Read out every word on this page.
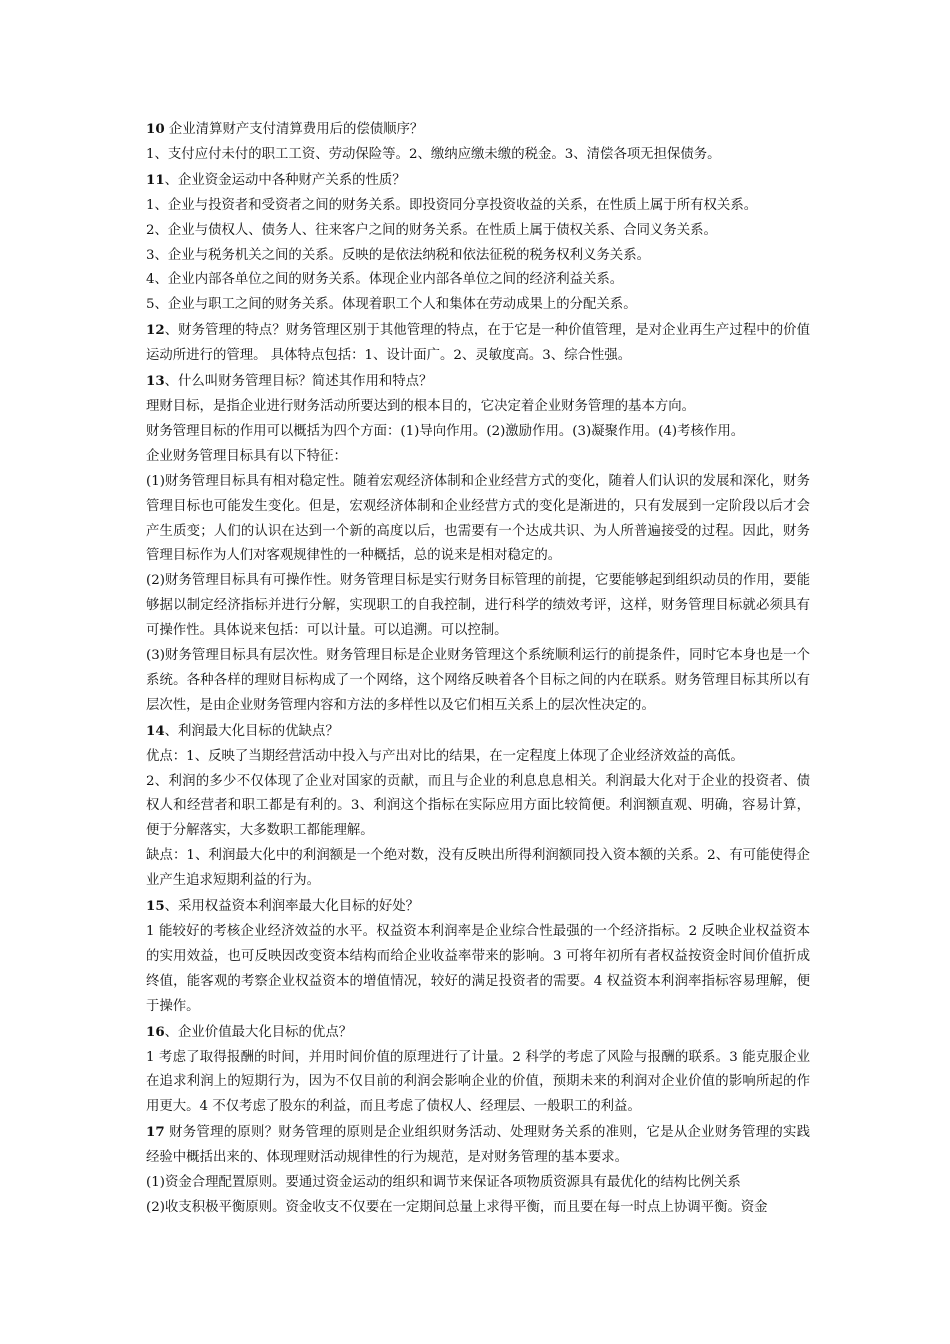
10 企业清算财产支付清算费用后的偿债顺序？

1、支付应付未付的职工工资、劳动保险等。2、缴纳应缴未缴的税金。3、清偿各项无担保债务。

11、企业资金运动中各种财产关系的性质？

1、企业与投资者和受资者之间的财务关系。即投资同分享投资收益的关系，在性质上属于所有权关系。

2、企业与债权人、债务人、往来客户之间的财务关系。在性质上属于债权关系、合同义务关系。

3、企业与税务机关之间的关系。反映的是依法纳税和依法征税的税务权利义务关系。

4、企业内部各单位之间的财务关系。体现企业内部各单位之间的经济利益关系。

5、企业与职工之间的财务关系。体现着职工个人和集体在劳动成果上的分配关系。

12、财务管理的特点？财务管理区别于其他管理的特点，在于它是一种价值管理，是对企业再生产过程中的价值运动所进行的管理。 具体特点包括：1、设计面广。2、灵敏度高。3、综合性强。

13、什么叫财务管理目标？简述其作用和特点？

理财目标，是指企业进行财务活动所要达到的根本目的，它决定着企业财务管理的基本方向。

财务管理目标的作用可以概括为四个方面：(1)导向作用。(2)激励作用。(3)凝聚作用。(4)考核作用。

企业财务管理目标具有以下特征：

(1)财务管理目标具有相对稳定性。随着宏观经济体制和企业经营方式的变化，随着人们认识的发展和深化，财务管理目标也可能发生变化。但是，宏观经济体制和企业经营方式的变化是渐进的，只有发展到一定阶段以后才会产生质变；人们的认识在达到一个新的高度以后，也需要有一个达成共识、为人所普遍接受的过程。因此，财务管理目标作为人们对客观规律性的一种概括，总的说来是相对稳定的。

(2)财务管理目标具有可操作性。财务管理目标是实行财务目标管理的前提，它要能够起到组织动员的作用，要能够据以制定经济指标并进行分解，实现职工的自我控制，进行科学的绩效考评，这样，财务管理目标就必须具有可操作性。具体说来包括：可以计量。可以追溯。可以控制。

(3)财务管理目标具有层次性。财务管理目标是企业财务管理这个系统顺利运行的前提条件，同时它本身也是一个系统。各种各样的理财目标构成了一个网络，这个网络反映着各个目标之间的内在联系。财务管理目标其所以有层次性，是由企业财务管理内容和方法的多样性以及它们相互关系上的层次性决定的。

14、利润最大化目标的优缺点？

优点：1、反映了当期经营活动中投入与产出对比的结果，在一定程度上体现了企业经济效益的高低。

2、利润的多少不仅体现了企业对国家的贡献，而且与企业的利息息息相关。利润最大化对于企业的投资者、债权人和经营者和职工都是有利的。3、利润这个指标在实际应用方面比较简便。利润额直观、明确，容易计算，便于分解落实，大多数职工都能理解。

缺点：1、利润最大化中的利润额是一个绝对数，没有反映出所得利润额同投入资本额的关系。2、有可能使得企业产生追求短期利益的行为。

15、采用权益资本利润率最大化目标的好处？

1 能较好的考核企业经济效益的水平。权益资本利润率是企业综合性最强的一个经济指标。2 反映企业权益资本的实用效益，也可反映因改变资本结构而给企业收益率带来的影响。3 可将年初所有者权益按资金时间价值折成终值，能客观的考察企业权益资本的增值情况，较好的满足投资者的需要。4 权益资本利润率指标容易理解，便于操作。

16、企业价值最大化目标的优点？

1 考虑了取得报酬的时间，并用时间价值的原理进行了计量。2 科学的考虑了风险与报酬的联系。3 能克服企业在追求利润上的短期行为，因为不仅目前的利润会影响企业的价值，预期未来的利润对企业价值的影响所起的作用更大。4 不仅考虑了股东的利益，而且考虑了债权人、经理层、一般职工的利益。

17 财务管理的原则？财务管理的原则是企业组织财务活动、处理财务关系的准则，它是从企业财务管理的实践经验中概括出来的、体现理财活动规律性的行为规范，是对财务管理的基本要求。

(1)资金合理配置原则。要通过资金运动的组织和调节来保证各项物质资源具有最优化的结构比例关系

(2)收支积极平衡原则。资金收支不仅要在一定期间总量上求得平衡，而且要在每一时点上协调平衡。资金
